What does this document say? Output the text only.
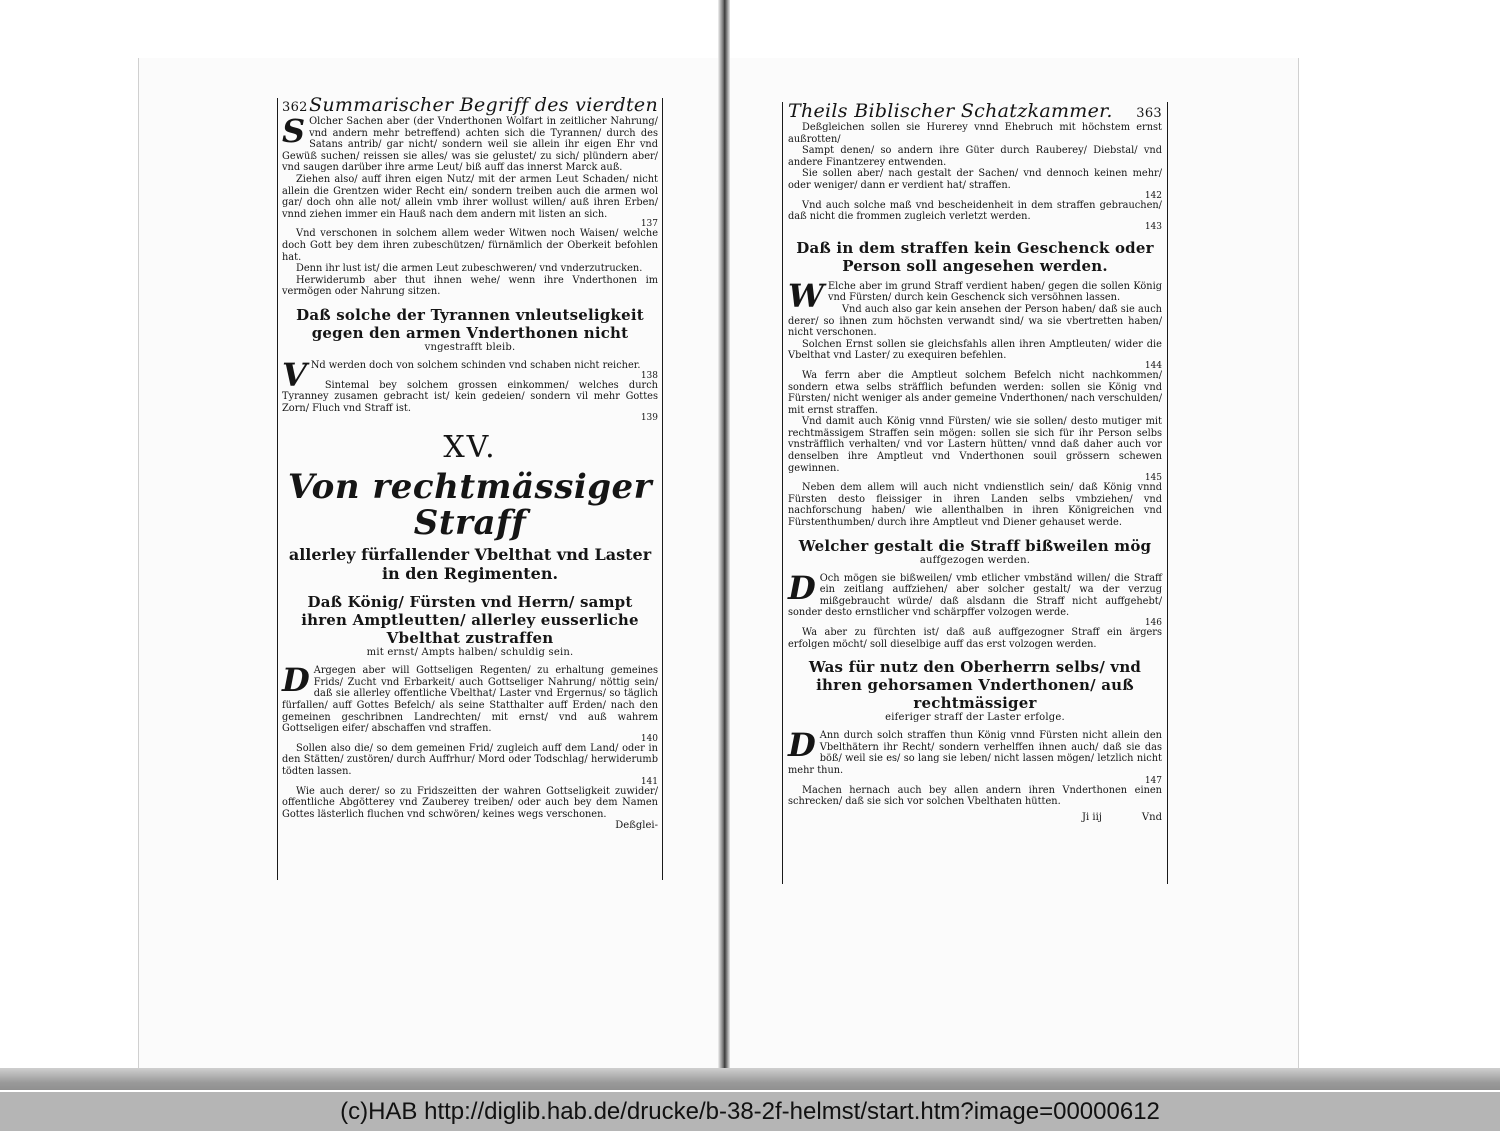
362 Summarischer Begriff des vierdten

S Olcher Sachen aber (der Vnderthonen Wolfart in zeitlicher Nahrung/ vnd andern mehr betreffend) achten sich die Tyrannen/ durch des Satans antrib/ gar nicht/ sondern weil sie allein ihr eigen Ehr vnd Gewüß suchen/ reissen sie alles/ was sie gelustet/ zu sich/ plündern aber/ vnd saugen darüber ihre arme Leut/ biß auff das innerst Marck auß.

Ziehen also/ auff ihren eigen Nutz/ mit der armen Leut Schaden/ nicht allein die Grentzen wider Recht ein/ sondern treiben auch die armen wol gar/ doch ohn alle not/ allein vmb ihrer wollust willen/ auß ihren Erben/ vnnd ziehen immer ein Hauß nach dem andern mit listen an sich.

137

Vnd verschonen in solchem allem weder Witwen noch Waisen/ welche doch Gott bey dem ihren zubeschützen/ fürnämlich der Oberkeit befohlen hat.

Denn ihr lust ist/ die armen Leut zubeschweren/ vnd vnderzutrucken.

Herwiderumb aber thut ihnen wehe/ wenn ihre Vnderthonen im vermögen oder Nahrung sitzen.

Daß solche der Tyrannen vnleutseligkeit gegen den armen Vnderthonen nicht
vngestrafft bleib.

V Nd werden doch von solchem schinden vnd schaben nicht reicher.

138

Sintemal bey solchem grossen einkommen/ welches durch Tyranney zusamen gebracht ist/ kein gedeien/ sondern vil mehr Gottes Zorn/ Fluch vnd Straff ist.

139

XV.
Von rechtmässiger Straff
allerley fürfallender Vbelthat vnd Laster in den Regimenten.
Daß König/ Fürsten vnd Herrn/ sampt ihren Amptleutten/ allerley eusserliche Vbelthat zustraffen
mit ernst/ Ampts halben/ schuldig sein.

D Argegen aber will Gottseligen Regenten/ zu erhaltung gemeines Frids/ Zucht vnd Erbarkeit/ auch Gottseliger Nahrung/ nöttig sein/ daß sie allerley offentliche Vbelthat/ Laster vnd Ergernus/ so täglich fürfallen/ auff Gottes Befelch/ als seine Statthalter auff Erden/ nach den gemeinen geschribnen Landrechten/ mit ernst/ vnd auß wahrem Gottseligen eifer/ abschaffen vnd straffen.

140

Sollen also die/ so dem gemeinen Frid/ zugleich auff dem Land/ oder in den Stätten/ zustören/ durch Auffrhur/ Mord oder Todschlag/ herwiderumb tödten lassen.

141

Wie auch derer/ so zu Fridszeitten der wahren Gottseligkeit zuwider/ offentliche Abgötterey vnd Zauberey treiben/ oder auch bey dem Namen Gottes lästerlich fluchen vnd schwören/ keines wegs verschonen.

Deßglei-

Theils Biblischer Schatzkammer. 363

Deßgleichen sollen sie Hurerey vnnd Ehebruch mit höchstem ernst außrotten/

Sampt denen/ so andern ihre Güter durch Rauberey/ Diebstal/ vnd andere Finantzerey entwenden.

Sie sollen aber/ nach gestalt der Sachen/ vnd dennoch keinen mehr/ oder weniger/ dann er verdient hat/ straffen.

142

Vnd auch solche maß vnd bescheidenheit in dem straffen gebrauchen/ daß nicht die frommen zugleich verletzt werden.

143

Daß in dem straffen kein Geschenck oder Person soll angesehen werden.

W Elche aber im grund Straff verdient haben/ gegen die sollen König vnd Fürsten/ durch kein Geschenck sich versöhnen lassen.

Vnd auch also gar kein ansehen der Person haben/ daß sie auch derer/ so ihnen zum höchsten verwandt sind/ wa sie vbertretten haben/ nicht verschonen.

Solchen Ernst sollen sie gleichsfahls allen ihren Amptleuten/ wider die Vbelthat vnd Laster/ zu exequiren befehlen.

144

Wa ferrn aber die Amptleut solchem Befelch nicht nachkommen/ sondern etwa selbs sträfflich befunden werden: sollen sie König vnd Fürsten/ nicht weniger als ander gemeine Vnderthonen/ nach verschulden/ mit ernst straffen.

Vnd damit auch König vnnd Fürsten/ wie sie sollen/ desto mutiger mit rechtmässigem Straffen sein mögen: sollen sie sich für ihr Person selbs vnsträfflich verhalten/ vnd vor Lastern hütten/ vnnd daß daher auch vor denselben ihre Amptleut vnd Vnderthonen souil grössern schewen gewinnen.

145

Neben dem allem will auch nicht vndienstlich sein/ daß König vnnd Fürsten desto fleissiger in ihren Landen selbs vmbziehen/ vnd nachforschung haben/ wie allenthalben in ihren Königreichen vnd Fürstenthumben/ durch ihre Amptleut vnd Diener gehauset werde.

Welcher gestalt die Straff bißweilen mög
auffgezogen werden.

D Och mögen sie bißweilen/ vmb etlicher vmbständ willen/ die Straff ein zeitlang auffziehen/ aber solcher gestalt/ wa der verzug mißgebraucht würde/ daß alsdann die Straff nicht auffgehebt/ sonder desto ernstlicher vnd schärpffer volzogen werde.

146

Wa aber zu fürchten ist/ daß auß auffgezogner Straff ein ärgers erfolgen möcht/ soll dieselbige auff das erst volzogen werden.

Was für nutz den Oberherrn selbs/ vnd ihren gehorsamen Vnderthonen/ auß rechtmässiger
eiferiger straff der Laster erfolge.

D Ann durch solch straffen thun König vnnd Fürsten nicht allein den Vbelthätern ihr Recht/ sondern verhelffen ihnen auch/ daß sie das böß/ weil sie es/ so lang sie leben/ nicht lassen mögen/ letzlich nicht mehr thun.

147

Machen hernach auch bey allen andern ihren Vnderthonen einen schrecken/ daß sie sich vor solchen Vbelthaten hütten.

Ji iij	Vnd
(c)HAB http://diglib.hab.de/drucke/b-38-2f-helmst/start.htm?image=00000612
